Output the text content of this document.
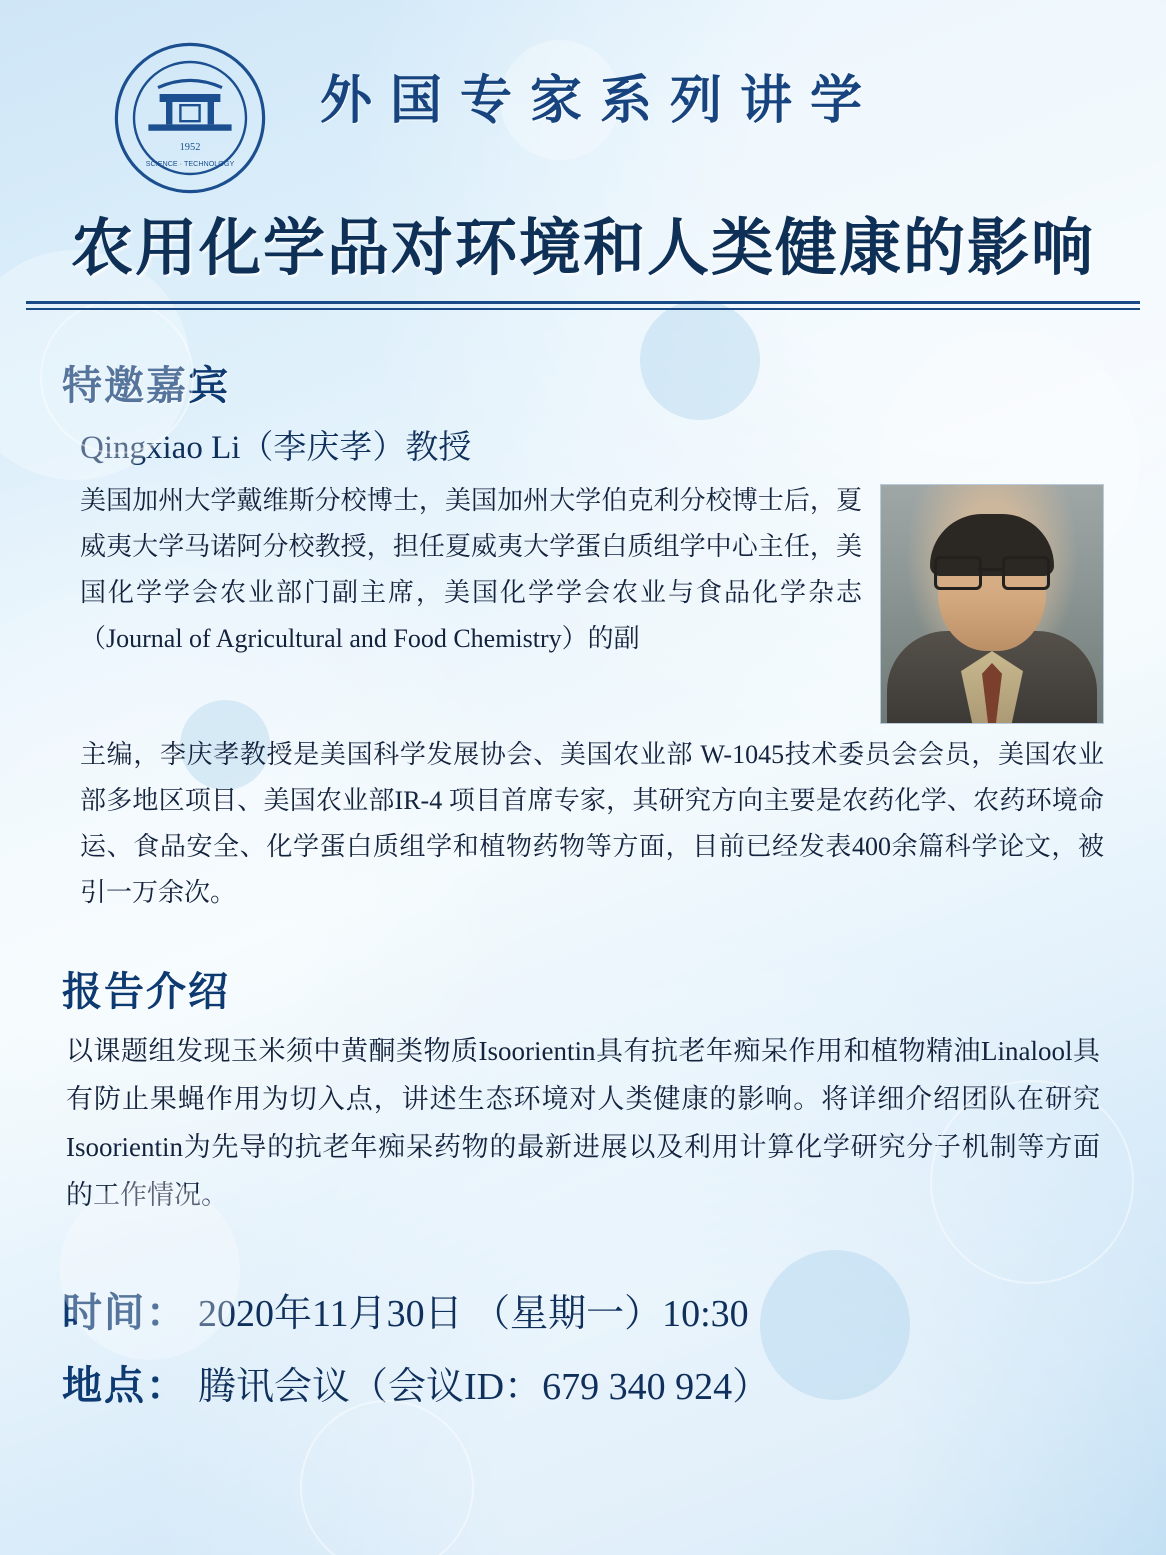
1952
SCIENCE · TECHNOLOGY
外国专家系列讲学
农用化学品对环境和人类健康的影响
特邀嘉宾
Qingxiao Li（李庆孝）教授

美国加州大学戴维斯分校博士，美国加州大学伯克利分校博士后，夏威夷大学马诺阿分校教授，担任夏威夷大学蛋白质组学中心主任，美国化学学会农业部门副主席，美国化学学会农业与食品化学杂志（Journal of Agricultural and Food Chemistry）的副

主编，李庆孝教授是美国科学发展协会、美国农业部 W-1045技术委员会会员，美国农业部多地区项目、美国农业部IR-4 项目首席专家，其研究方向主要是农药化学、农药环境命运、食品安全、化学蛋白质组学和植物药物等方面，目前已经发表400余篇科学论文，被引一万余次。

报告介绍

以课题组发现玉米须中黄酮类物质Isoorientin具有抗老年痴呆作用和植物精油Linalool具有防止果蝇作用为切入点，讲述生态环境对人类健康的影响。将详细介绍团队在研究Isoorientin为先导的抗老年痴呆药物的最新进展以及利用计算化学研究分子机制等方面的工作情况。

时间： 2020年11月30日 （星期一）10:30
地点： 腾讯会议（会议ID：679 340 924）
